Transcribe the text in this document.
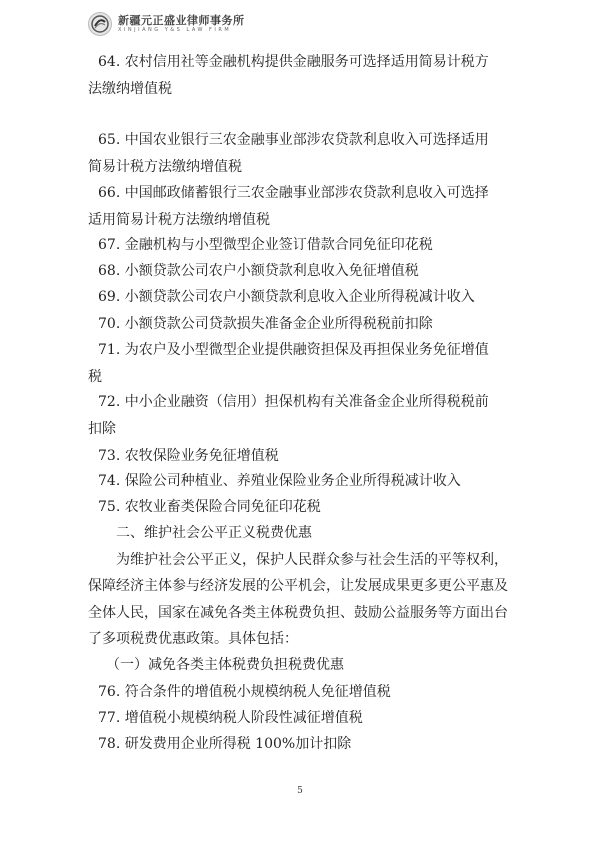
新疆元正盛业律师事务所
XINJIANG Y&S LAW FIRM
64. 农村信用社等金融机构提供金融服务可选择适用简易计税方
法缴纳增值税
65. 中国农业银行三农金融事业部涉农贷款利息收入可选择适用
简易计税方法缴纳增值税
66. 中国邮政储蓄银行三农金融事业部涉农贷款利息收入可选择
适用简易计税方法缴纳增值税
67. 金融机构与小型微型企业签订借款合同免征印花税
68. 小额贷款公司农户小额贷款利息收入免征增值税
69. 小额贷款公司农户小额贷款利息收入企业所得税减计收入
70. 小额贷款公司贷款损失准备金企业所得税税前扣除
71. 为农户及小型微型企业提供融资担保及再担保业务免征增值
税
72. 中小企业融资（信用）担保机构有关准备金企业所得税税前
扣除
73. 农牧保险业务免征增值税
74. 保险公司种植业、养殖业保险业务企业所得税减计收入
75. 农牧业畜类保险合同免征印花税
二、维护社会公平正义税费优惠
为维护社会公平正义，保护人民群众参与社会生活的平等权利，
保障经济主体参与经济发展的公平机会，让发展成果更多更公平惠及
全体人民，国家在减免各类主体税费负担、鼓励公益服务等方面出台
了多项税费优惠政策。具体包括：
（一）减免各类主体税费负担税费优惠
76. 符合条件的增值税小规模纳税人免征增值税
77. 增值税小规模纳税人阶段性减征增值税
78. 研发费用企业所得税 100%加计扣除
5
